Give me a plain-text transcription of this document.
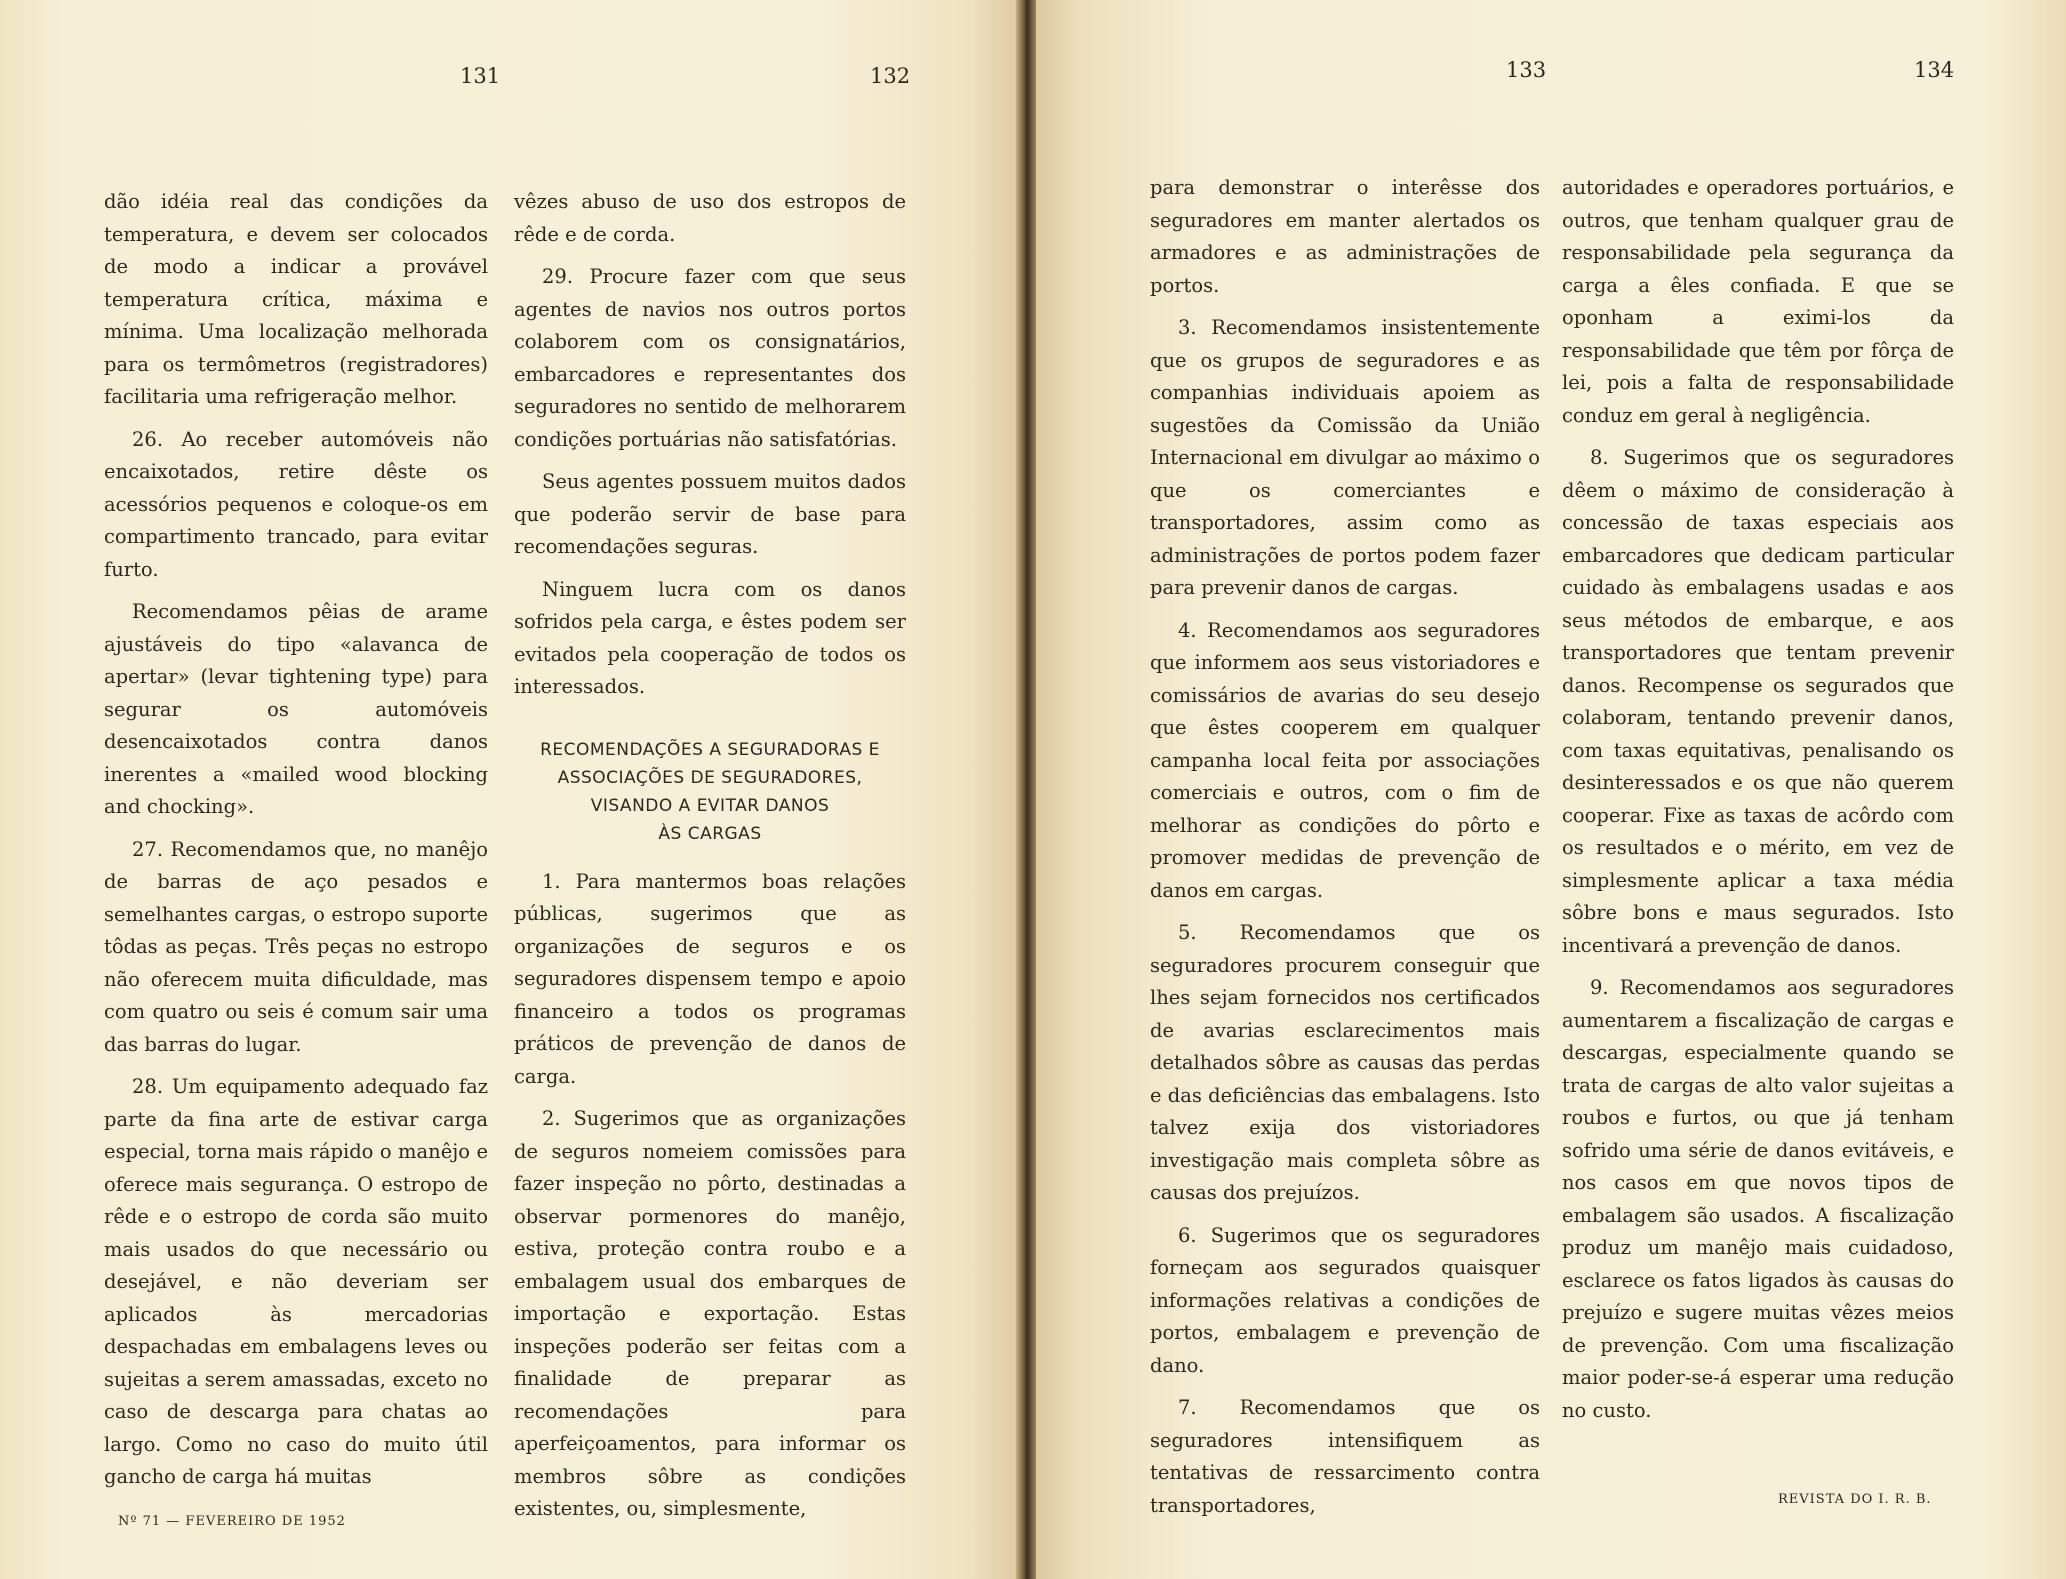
131	132	133	134

dão idéia real das condições da temperatura, e devem ser colocados de modo a indicar a provável temperatura crítica, máxima e mínima. Uma localização melhorada para os termômetros (registradores) facilitaria uma refrigeração melhor.

26. Ao receber automóveis não encaixotados, retire dêste os acessórios pequenos e coloque-os em compartimento trancado, para evitar furto.

Recomendamos pêias de arame ajustáveis do tipo «alavanca de apertar» (levar tightening type) para segurar os automóveis desencaixotados contra danos inerentes a «mailed wood blocking and chocking».

27. Recomendamos que, no manêjo de barras de aço pesados e semelhantes cargas, o estropo suporte tôdas as peças. Três peças no estropo não oferecem muita dificuldade, mas com quatro ou seis é comum sair uma das barras do lugar.

28. Um equipamento adequado faz parte da fina arte de estivar carga especial, torna mais rápido o manêjo e oferece mais segurança. O estropo de rêde e o estropo de corda são muito mais usados do que necessário ou desejável, e não deveriam ser aplicados às mercadorias despachadas em embalagens leves ou sujeitas a serem amassadas, exceto no caso de descarga para chatas ao largo. Como no caso do muito útil gancho de carga há muitas

vêzes abuso de uso dos estropos de rêde e de corda.

29. Procure fazer com que seus agentes de navios nos outros portos colaborem com os consignatários, embarcadores e representantes dos seguradores no sentido de melhorarem condições portuárias não satisfatórias.

Seus agentes possuem muitos dados que poderão servir de base para recomendações seguras.

Ninguem lucra com os danos sofridos pela carga, e êstes podem ser evitados pela cooperação de todos os interessados.

RECOMENDAÇÕES A SEGURADORAS E
ASSOCIAÇÕES DE SEGURADORES,
VISANDO A EVITAR DANOS
ÀS CARGAS

1. Para mantermos boas relações públicas, sugerimos que as organizações de seguros e os seguradores dispensem tempo e apoio financeiro a todos os programas práticos de prevenção de danos de carga.

2. Sugerimos que as organizações de seguros nomeiem comissões para fazer inspeção no pôrto, destinadas a observar pormenores do manêjo, estiva, proteção contra roubo e a embalagem usual dos embarques de importação e exportação. Estas inspeções poderão ser feitas com a finalidade de preparar as recomendações para aperfeiçoamentos, para informar os membros sôbre as condições existentes, ou, simplesmente,

para demonstrar o interêsse dos seguradores em manter alertados os armadores e as administrações de portos.

3. Recomendamos insistentemente que os grupos de seguradores e as companhias individuais apoiem as sugestões da Comissão da União Internacional em divulgar ao máximo o que os comerciantes e transportadores, assim como as administrações de portos podem fazer para prevenir danos de cargas.

4. Recomendamos aos seguradores que informem aos seus vistoriadores e comissários de avarias do seu desejo que êstes cooperem em qualquer campanha local feita por associações comerciais e outros, com o fim de melhorar as condições do pôrto e promover medidas de prevenção de danos em cargas.

5. Recomendamos que os seguradores procurem conseguir que lhes sejam fornecidos nos certificados de avarias esclarecimentos mais detalhados sôbre as causas das perdas e das deficiências das embalagens. Isto talvez exija dos vistoriadores investigação mais completa sôbre as causas dos prejuízos.

6. Sugerimos que os seguradores forneçam aos segurados quaisquer informações relativas a condições de portos, embalagem e prevenção de dano.

7. Recomendamos que os seguradores intensifiquem as tentativas de ressarcimento contra transportadores,

autoridades e operadores portuários, e outros, que tenham qualquer grau de responsabilidade pela segurança da carga a êles confiada. E que se oponham a eximi-los da responsabilidade que têm por fôrça de lei, pois a falta de responsabilidade conduz em geral à negligência.

8. Sugerimos que os seguradores dêem o máximo de consideração à concessão de taxas especiais aos embarcadores que dedicam particular cuidado às embalagens usadas e aos seus métodos de embarque, e aos transportadores que tentam prevenir danos. Recompense os segurados que colaboram, tentando prevenir danos, com taxas equitativas, penalisando os desinteressados e os que não querem cooperar. Fixe as taxas de acôrdo com os resultados e o mérito, em vez de simplesmente aplicar a taxa média sôbre bons e maus segurados. Isto incentivará a prevenção de danos.

9. Recomendamos aos seguradores aumentarem a fiscalização de cargas e descargas, especialmente quando se trata de cargas de alto valor sujeitas a roubos e furtos, ou que já tenham sofrido uma série de danos evitáveis, e nos casos em que novos tipos de embalagem são usados. A fiscalização produz um manêjo mais cuidadoso, esclarece os fatos ligados às causas do prejuízo e sugere muitas vêzes meios de prevenção. Com uma fiscalização maior poder-se-á esperar uma redução no custo.

Nº 71 — FEVEREIRO DE 1952
REVISTA DO I. R. B.
